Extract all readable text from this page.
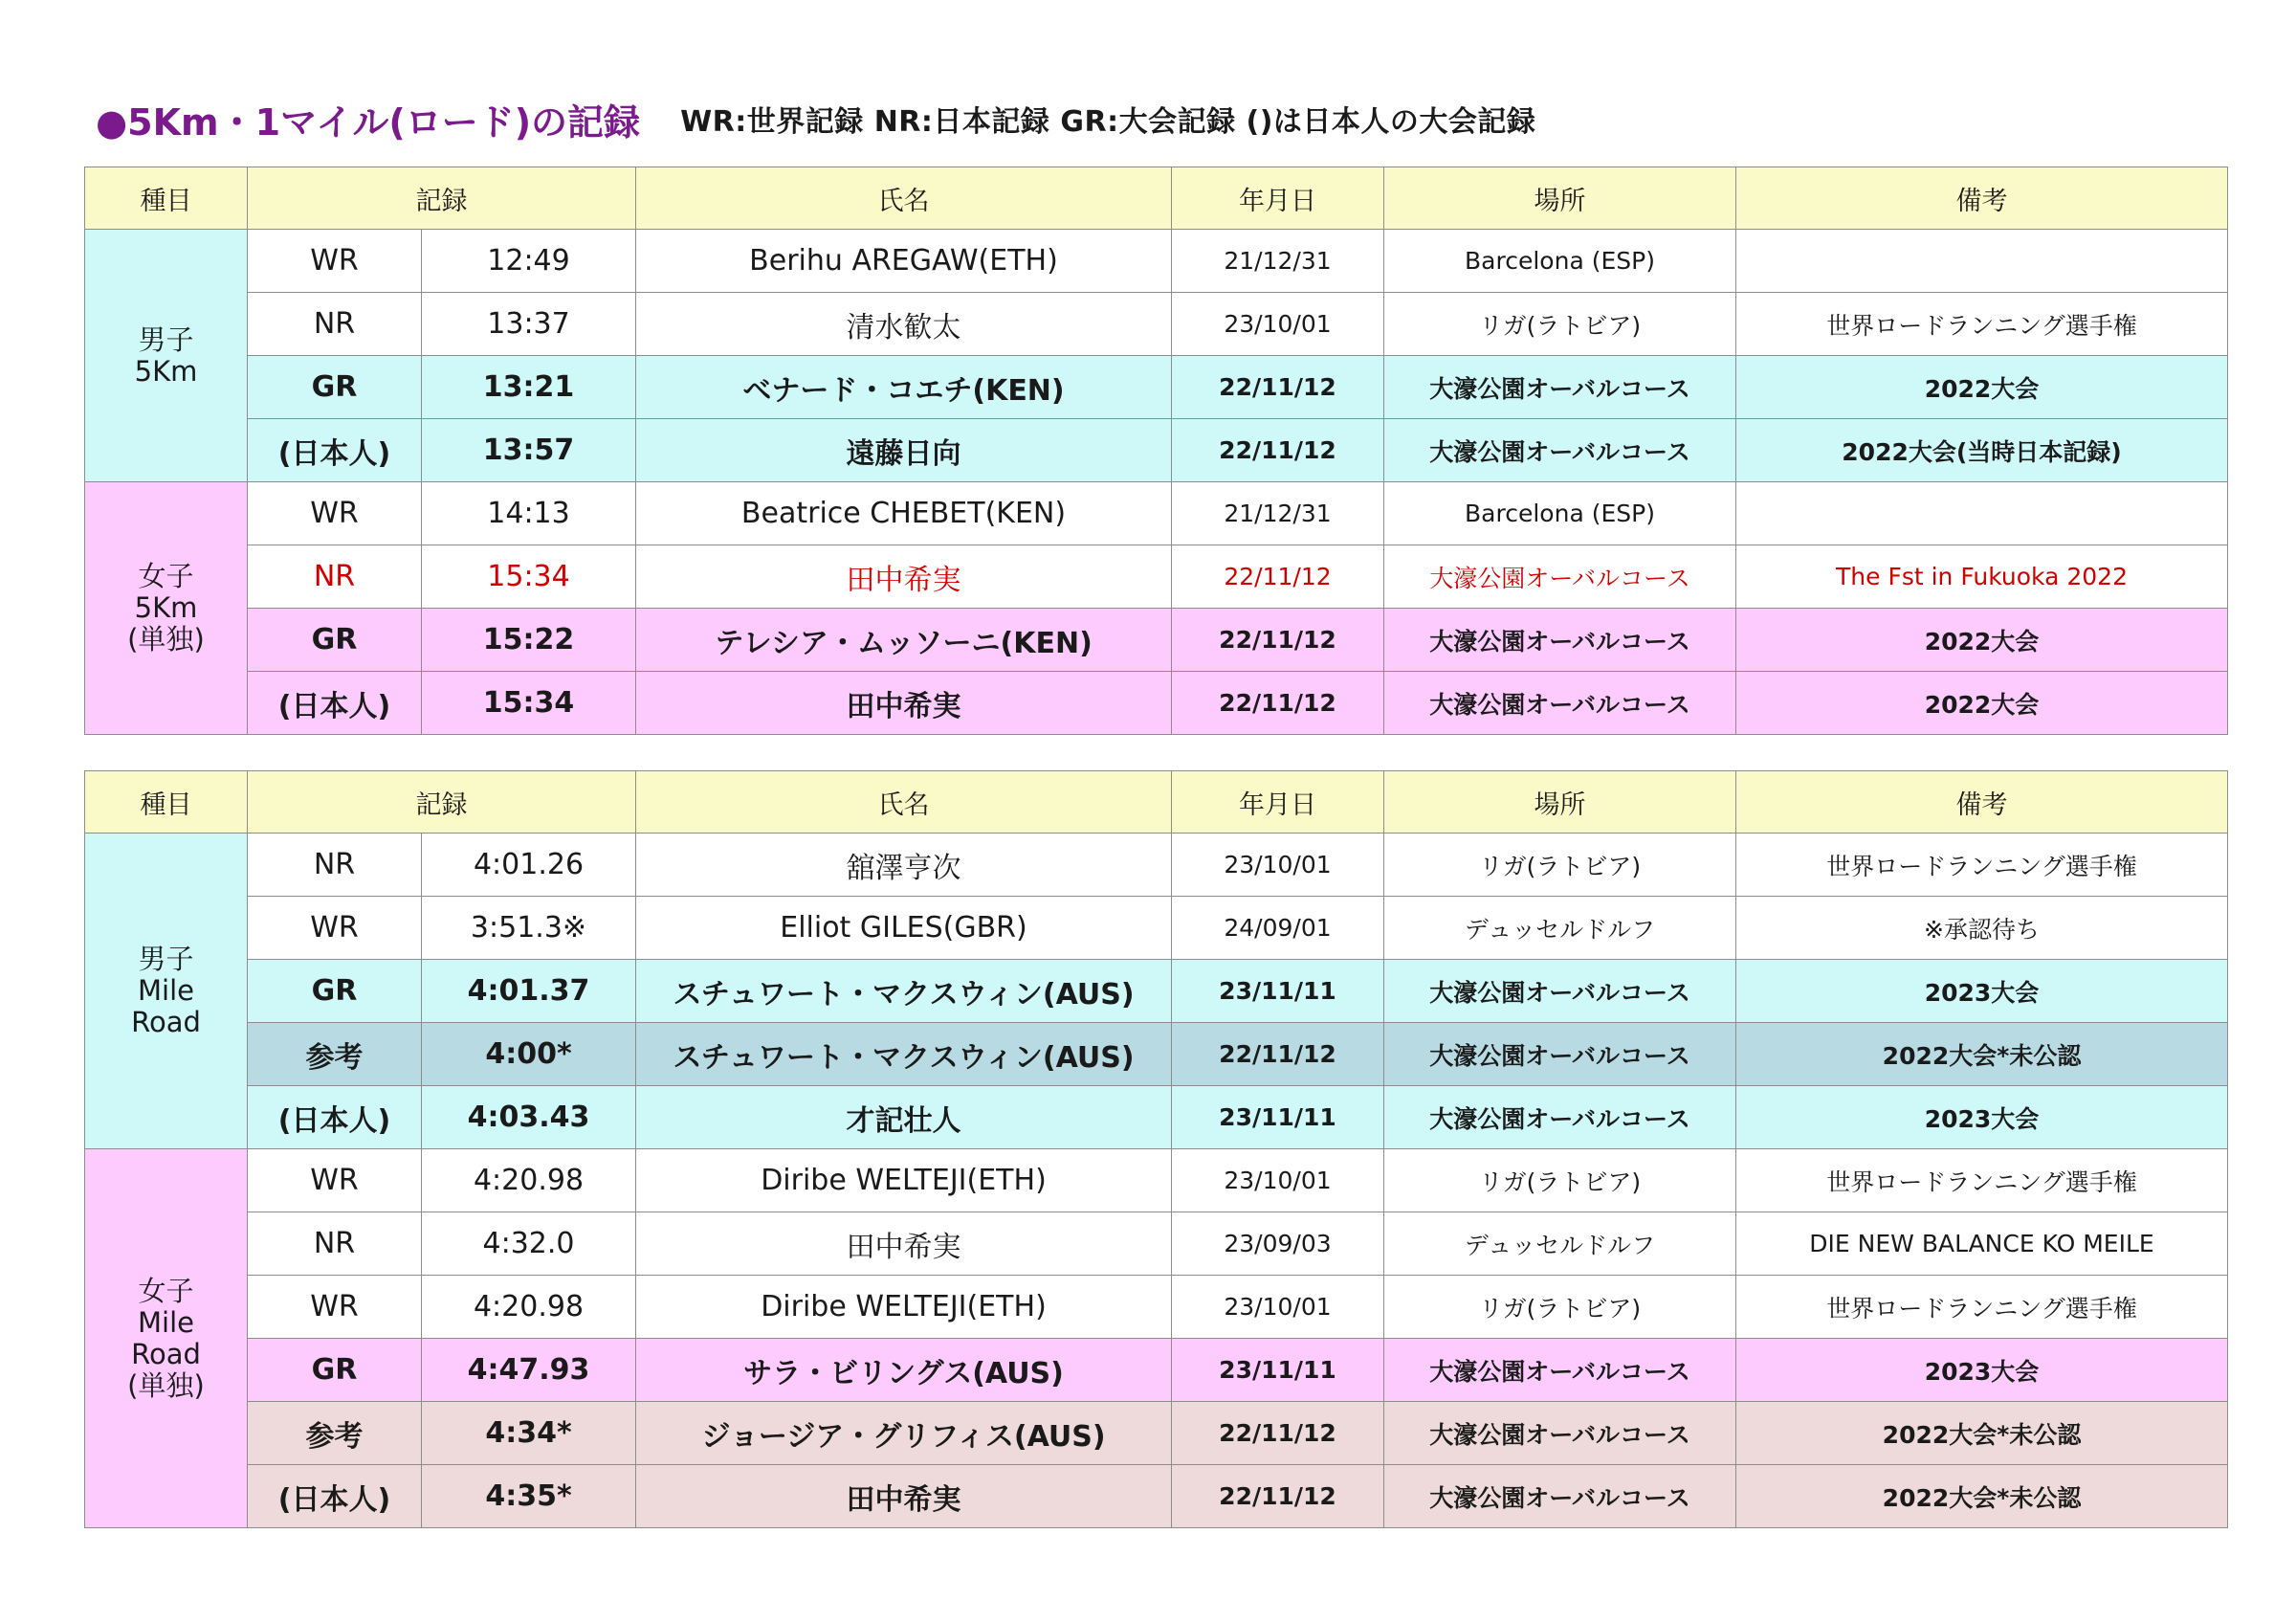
●5Km・1マイル(ロード)の記録 WR:世界記録 NR:日本記録 GR:大会記録 ()は日本人の大会記録
種目	記録		氏名	年月日	場所	備考

男子
5Km	WR	12:49	Berihu AREGAW(ETH)	21/12/31	Barcelona (ESP)	
	NR	13:37	清水歓太	23/10/01	リガ(ラトビア)	世界ロードランニング選手権
	GR	13:21	ベナード・コエチ(KEN)	22/11/12	大濠公園オーバルコース	2022大会
	(日本人)	13:57	遠藤日向	22/11/12	大濠公園オーバルコース	2022大会(当時日本記録)

女子
5Km
(単独)	WR	14:13	Beatrice CHEBET(KEN)	21/12/31	Barcelona (ESP)	
	NR	15:34	田中希実	22/11/12	大濠公園オーバルコース	The Fst in Fukuoka 2022
	GR	15:22	テレシア・ムッソーニ(KEN)	22/11/12	大濠公園オーバルコース	2022大会
	(日本人)	15:34	田中希実	22/11/12	大濠公園オーバルコース	2022大会
種目	記録		氏名	年月日	場所	備考

男子
Mile
Road	NR	4:01.26	舘澤亨次	23/10/01	リガ(ラトビア)	世界ロードランニング選手権
	WR	3:51.3※	Elliot GILES(GBR)	24/09/01	デュッセルドルフ	※承認待ち
	GR	4:01.37	スチュワート・マクスウィン(AUS)	23/11/11	大濠公園オーバルコース	2023大会
	参考	4:00*	スチュワート・マクスウィン(AUS)	22/11/12	大濠公園オーバルコース	2022大会*未公認
	(日本人)	4:03.43	才記壮人	23/11/11	大濠公園オーバルコース	2023大会

女子
Mile
Road
(単独)	WR	4:20.98	Diribe WELTEJI(ETH)	23/10/01	リガ(ラトビア)	世界ロードランニング選手権
	NR	4:32.0	田中希実	23/09/03	デュッセルドルフ	DIE NEW BALANCE KO MEILE
	WR	4:20.98	Diribe WELTEJI(ETH)	23/10/01	リガ(ラトビア)	世界ロードランニング選手権
	GR	4:47.93	サラ・ビリングス(AUS)	23/11/11	大濠公園オーバルコース	2023大会
	参考	4:34*	ジョージア・グリフィス(AUS)	22/11/12	大濠公園オーバルコース	2022大会*未公認
	(日本人)	4:35*	田中希実	22/11/12	大濠公園オーバルコース	2022大会*未公認
